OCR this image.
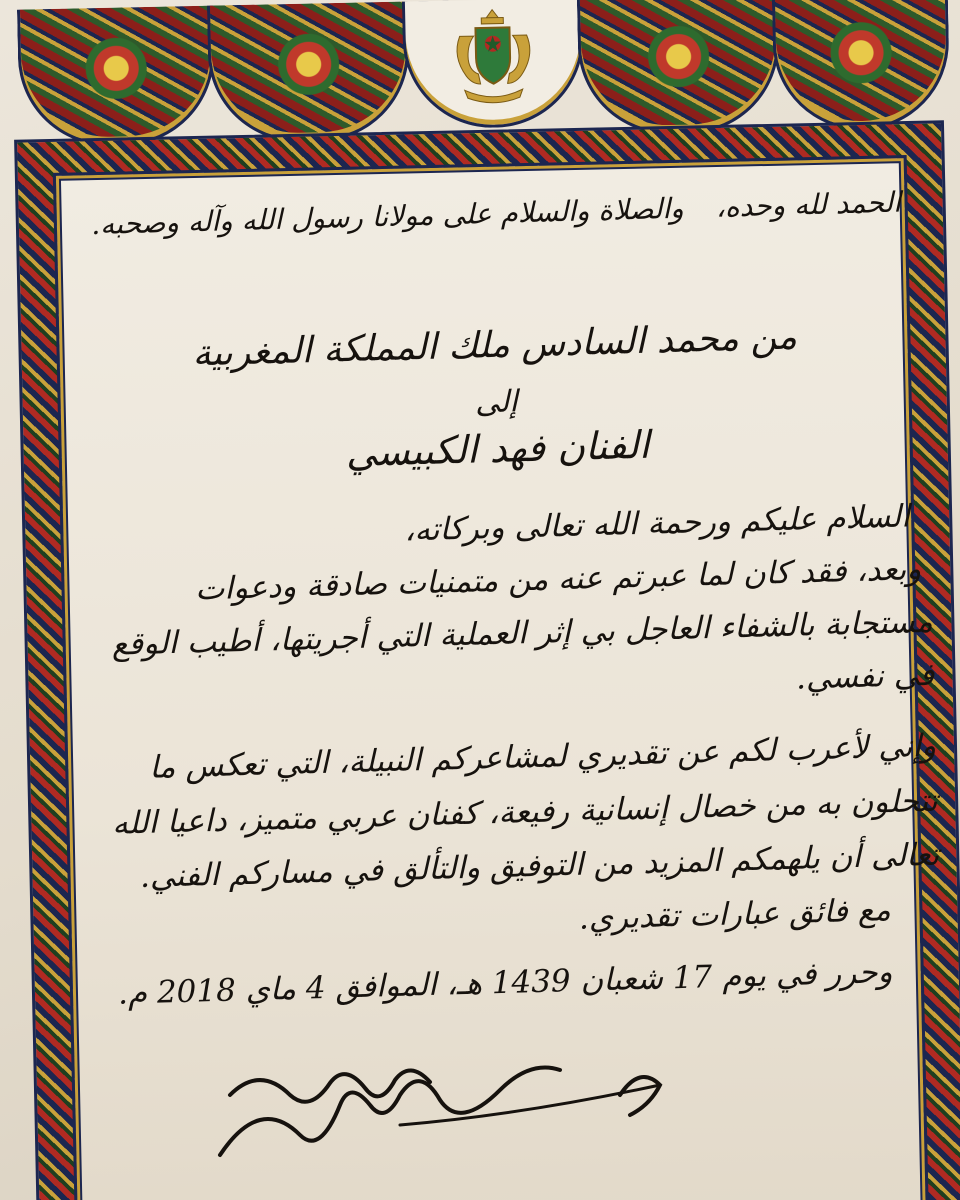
الحمد لله وحده،
والصلاة والسلام على مولانا رسول الله وآله وصحبه.
من محمد السادس ملك المملكة المغربية
إلى
الفنان فهد الكبيسي
السلام عليكم ورحمة الله تعالى وبركاته،
وبعد، فقد كان لما عبرتم عنه من متمنيات صادقة ودعوات
مستجابة بالشفاء العاجل بي إثر العملية التي أجريتها، أطيب الوقع
في نفسي.
وإني لأعرب لكم عن تقديري لمشاعركم النبيلة، التي تعكس ما
تتحلون به من خصال إنسانية رفيعة، كفنان عربي متميز، داعيا الله
تعالى أن يلهمكم المزيد من التوفيق والتألق في مساركم الفني.
مع فائق عبارات تقديري.
وحرر في يوم 17 شعبان 1439 هـ، الموافق 4 ماي 2018 م.
